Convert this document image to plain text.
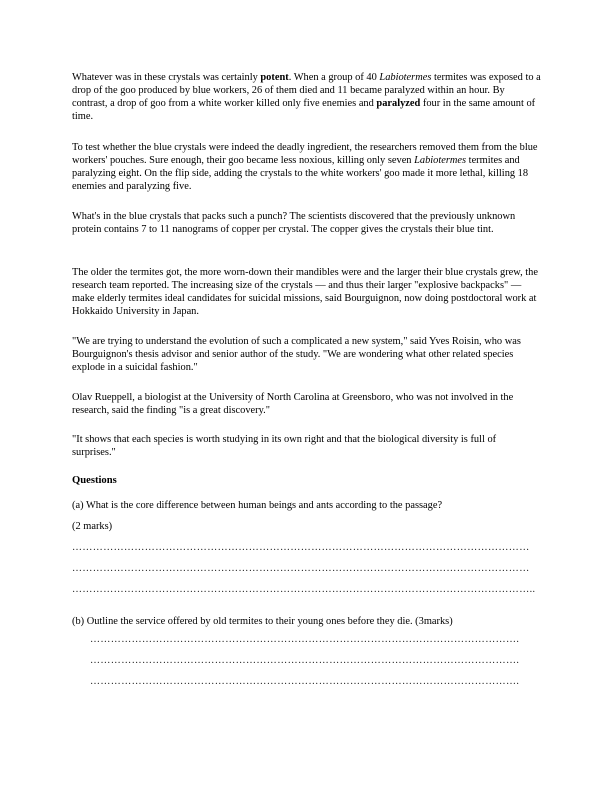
Whatever was in these crystals was certainly potent. When a group of 40 Labiotermes termites was exposed to a drop of the goo produced by blue workers, 26 of them died and 11 became paralyzed within an hour. By contrast, a drop of goo from a white worker killed only five enemies and paralyzed four in the same amount of time.

To test whether the blue crystals were indeed the deadly ingredient, the researchers removed them from the blue workers' pouches. Sure enough, their goo became less noxious, killing only seven Labiotermes termites and paralyzing eight. On the flip side, adding the crystals to the white workers' goo made it more lethal, killing 18 enemies and paralyzing five.

What's in the blue crystals that packs such a punch? The scientists discovered that the previously unknown protein contains 7 to 11 nanograms of copper per crystal. The copper gives the crystals their blue tint.

The older the termites got, the more worn-down their mandibles were and the larger their blue crystals grew, the research team reported. The increasing size of the crystals — and thus their larger "explosive backpacks" — make elderly termites ideal candidates for suicidal missions, said Bourguignon, now doing postdoctoral work at Hokkaido University in Japan.

"We are trying to understand the evolution of such a complicated a new system," said Yves Roisin, who was Bourguignon's thesis advisor and senior author of the study. "We are wondering what other related species explode in a suicidal fashion."

Olav Rueppell, a biologist at the University of North Carolina at Greensboro, who was not involved in the research, said the finding "is a great discovery."

"It shows that each species is worth studying in its own right and that the biological diversity is full of surprises."

Questions

(a) What is the core difference between human beings and ants according to the passage?

(2 marks)

……………………………………………………………………………………………………………………
……………………………………………………………………………………………………………………
……………………………………………………………………………………………………………………..

(b) Outline the service offered by old termites to their young ones before they die. (3marks)

…………………………………………………………………………………………………………….
…………………………………………………………………………………………………………….
…………………………………………………………………………………………………………….
